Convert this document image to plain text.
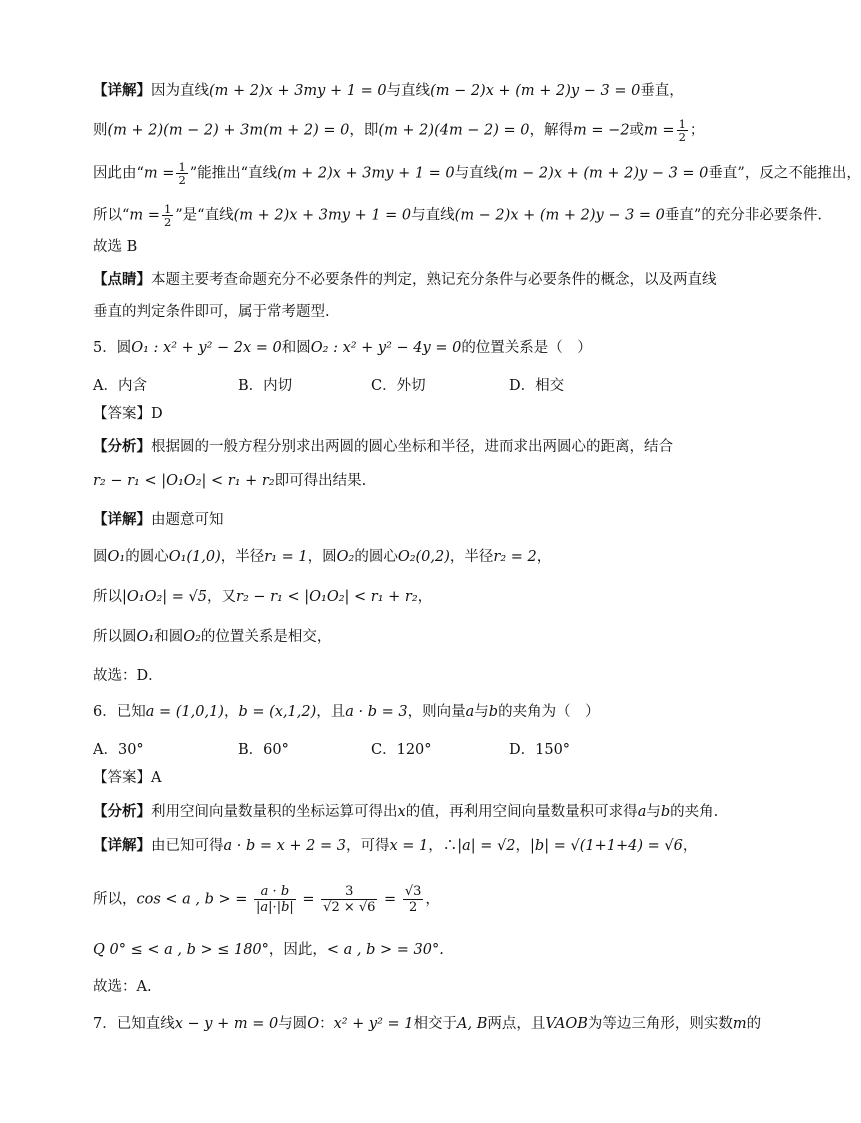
【详解】因为直线(m + 2)x + 3my + 1 = 0与直线(m − 2)x + (m + 2)y − 3 = 0垂直，
则(m + 2)(m − 2) + 3m(m + 2) = 0，即(m + 2)(4m − 2) = 0，解得m = −2或$m = \frac{1}{2}$ ；
因此由“$m = \frac{1}{2}$ ”能推出“直线(m + 2)x + 3my + 1 = 0与直线(m − 2)x + (m + 2)y − 3 = 0垂直”，反之不能推出，
所以“$m = \frac{1}{2}$ ”是“直线(m + 2)x + 3my + 1 = 0与直线(m − 2)x + (m + 2)y − 3 = 0垂直”的充分非必要条件.
故选 B
【点睛】本题主要考查命题充分不必要条件的判定，熟记充分条件与必要条件的概念，以及两直线
垂直的判定条件即可，属于常考题型.
5．圆O₁ : x² + y² − 2x = 0和圆O₂ : x² + y² − 4y = 0的位置关系是（　）
A．内含	B．内切	C．外切	D．相交
【答案】D
【分析】根据圆的一般方程分别求出两圆的圆心坐标和半径，进而求出两圆心的距离，结合
r₂ − r₁ < |O₁O₂| < r₁ + r₂即可得出结果.
【详解】由题意可知
圆O₁的圆心O₁(1,0)，半径r₁ = 1，圆O₂的圆心O₂(0,2)，半径r₂ = 2，
所以|O₁O₂| = √5，又r₂ − r₁ < |O₁O₂| < r₁ + r₂，
所以圆O₁和圆O₂的位置关系是相交，
故选：D．
6．已知a = (1,0,1)，b = (x,1,2)，且a · b = 3，则向量a与b的夹角为（　）
A．30°	B．60°	C．120°	D．150°
【答案】A
【分析】利用空间向量数量积的坐标运算可得出x的值，再利用空间向量数量积可求得a与b的夹角.
【详解】由已知可得a · b = x + 2 = 3，可得x = 1，∴|a| = √2，|b| = √(1+1+4) = √6，
所以，cos < a , b > = $\frac{a \cdot b}{|a|\cdot|b|} = \frac{3}{√2 \times √6} = \frac{√3}{2}$ ，
Q 0° ≤ < a , b > ≤ 180°，因此，< a , b > = 30°.
故选：A.
7．已知直线x − y + m = 0与圆O：x² + y² = 1相交于A, B两点，且VAOB为等边三角形，则实数m的
